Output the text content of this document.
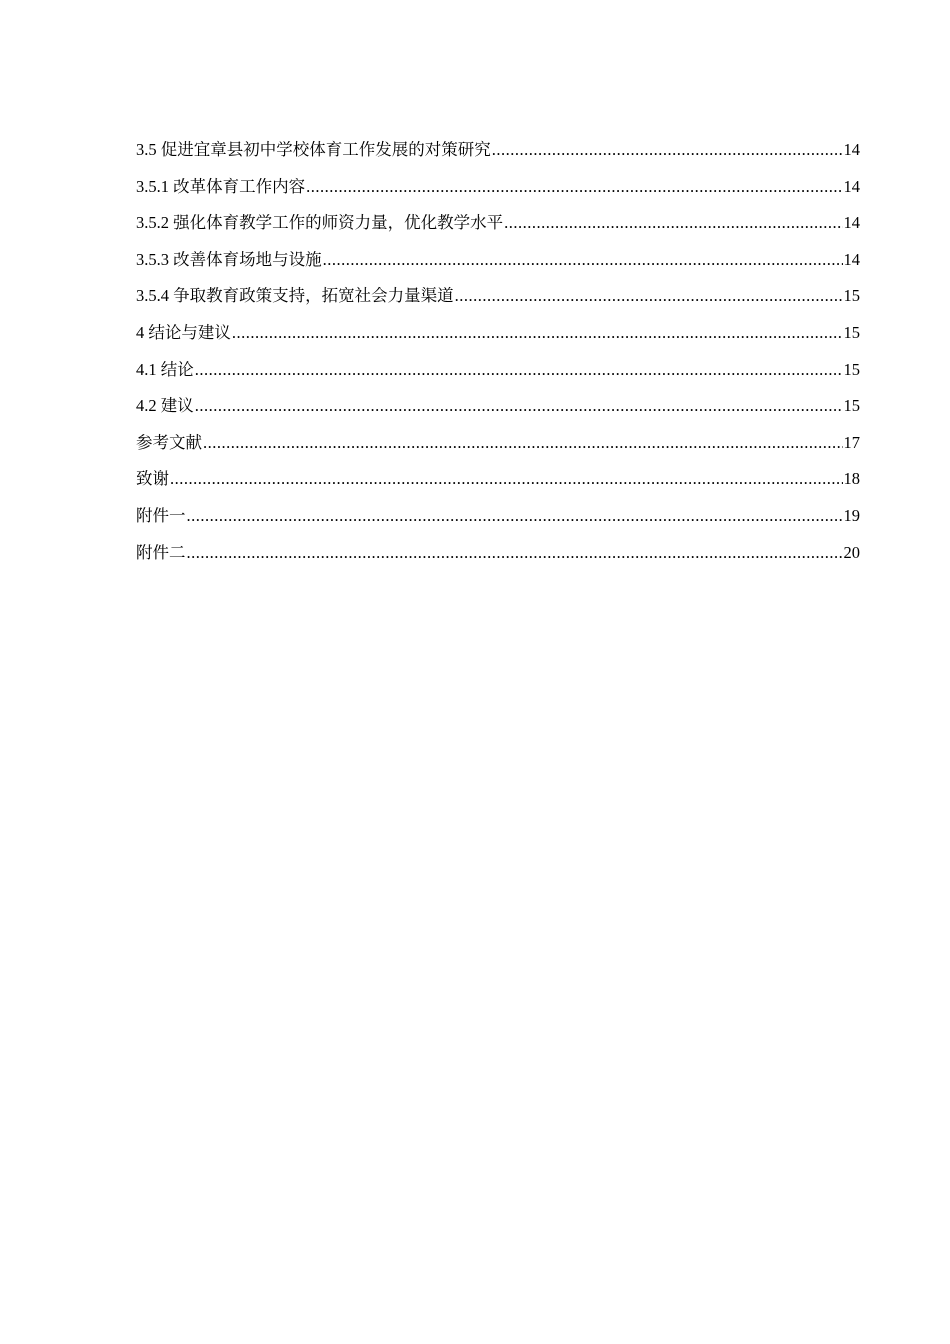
3.5 促进宜章县初中学校体育工作发展的对策研究 .....	14
3.5.1 改革体育工作内容 .....	14
3.5.2 强化体育教学工作的师资力量，优化教学水平 .....	14
3.5.3 改善体育场地与设施 .....	14
3.5.4 争取教育政策支持，拓宽社会力量渠道 .....	15
4 结论与建议 .....	15
4.1 结论 .....	15
4.2 建议 .....	15
参考文献 .....	17
致谢 .....	18
附件一 .....	19
附件二 .....	20
